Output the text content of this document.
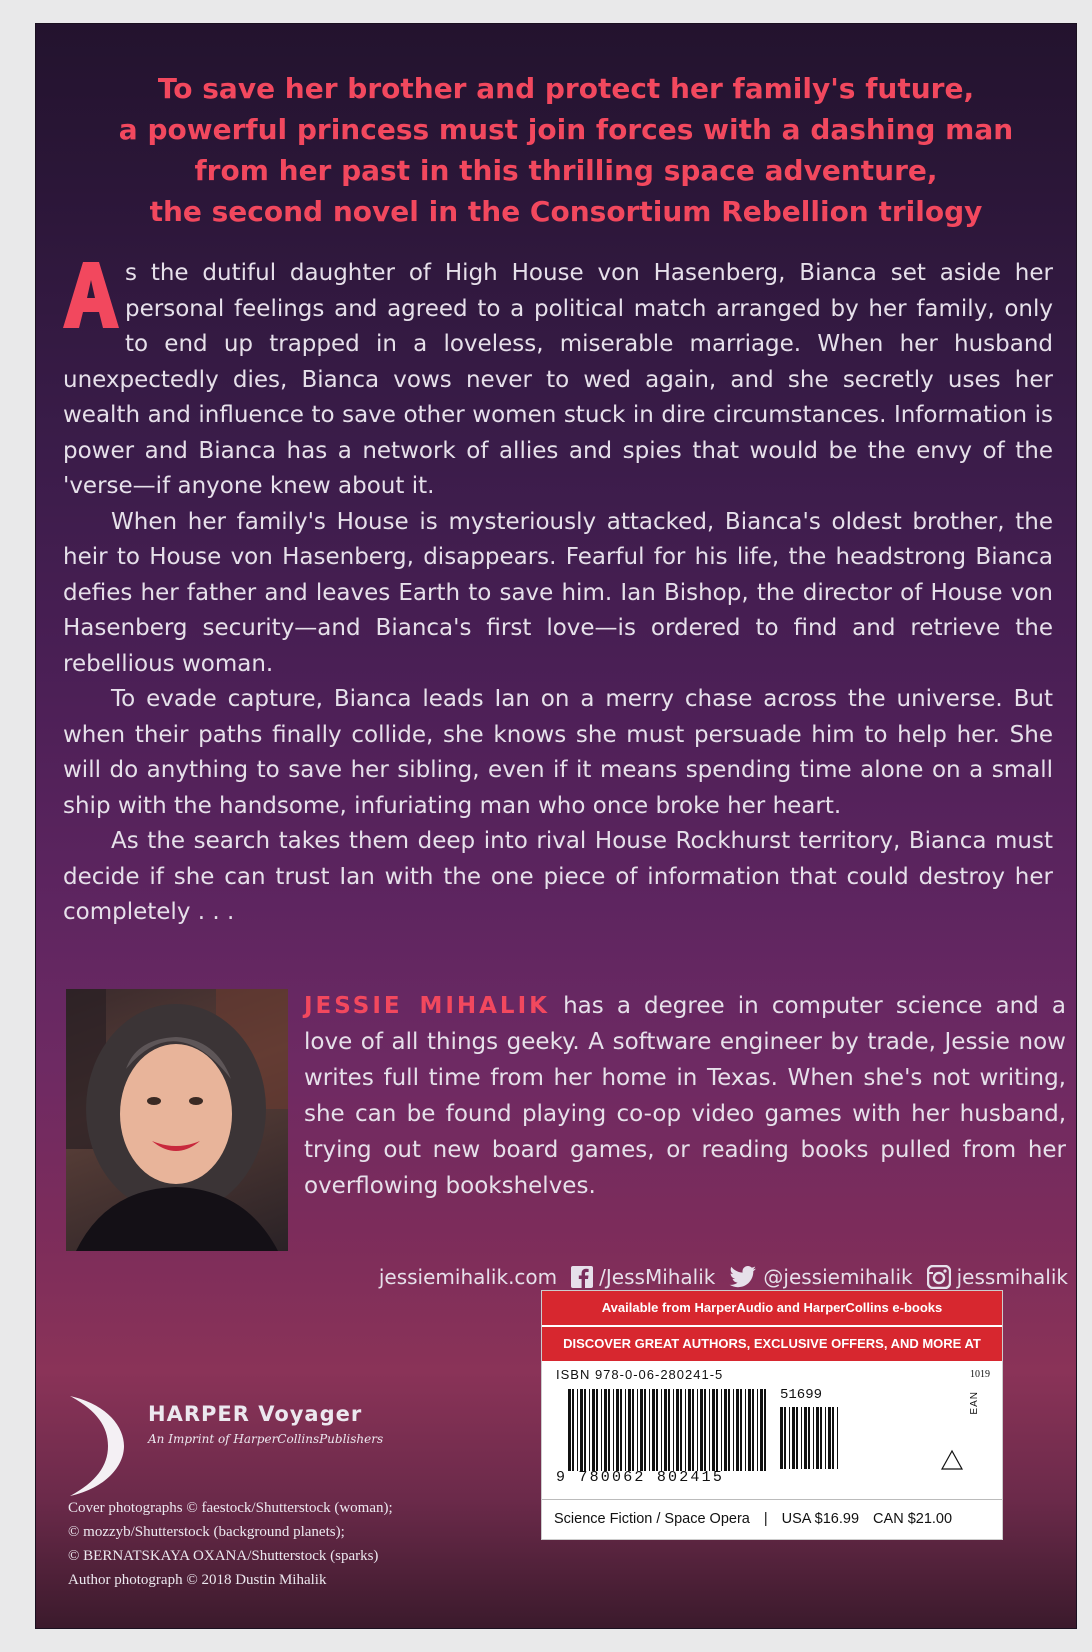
To save her brother and protect her family's future,
a powerful princess must join forces with a dashing man
from her past in this thrilling space adventure,
the second novel in the Consortium Rebellion trilogy

A	s the dutiful daughter of High House von Hasenberg, Bianca set aside her personal feelings and agreed to a political match arranged by her family, only to end up trapped in a loveless, miserable marriage. When her husband unexpectedly dies, Bianca vows never to wed again, and she secretly uses her wealth and influence to save other women stuck in dire circumstances. Information is power and Bianca has a network of allies and spies that would be the envy of the 'verse—if anyone knew about it.

When her family's House is mysteriously attacked, Bianca's oldest brother, the heir to House von Hasenberg, disappears. Fearful for his life, the headstrong Bianca defies her father and leaves Earth to save him. Ian Bishop, the director of House von Hasenberg security—and Bianca's first love—is ordered to find and retrieve the rebellious woman.

To evade capture, Bianca leads Ian on a merry chase across the universe. But when their paths finally collide, she knows she must persuade him to help her. She will do anything to save her sibling, even if it means spending time alone on a small ship with the handsome, infuriating man who once broke her heart.

As the search takes them deep into rival House Rockhurst territory, Bianca must decide if she can trust Ian with the one piece of information that could destroy her completely . . .

JESSIE MIHALIK has a degree in computer science and a love of all things geeky. A software engineer by trade, Jessie now writes full time from her home in Texas. When she's not writing, she can be found playing co-op video games with her husband, trying out new board games, or reading books pulled from her overflowing bookshelves.
jessiemihalik.com /JessMihalik @jessiemihalik jessmihalik
HARPER Voyager
An Imprint of HarperCollinsPublishers
Cover photographs © faestock/Shutterstock (woman);
© mozzyb/Shutterstock (background planets);
© BERNATSKAYA OXANA/Shutterstock (sparks)
Author photograph © 2018 Dustin Mihalik
Available from HarperAudio and HarperCollins e-books
DISCOVER GREAT AUTHORS, EXCLUSIVE OFFERS, AND MORE AT HC.COM.
ISBN 978-0-06-280241-5	1019
51699	EAN
9 780062 802415
Science Fiction / Space Opera | USA $16.99 CAN $21.00
